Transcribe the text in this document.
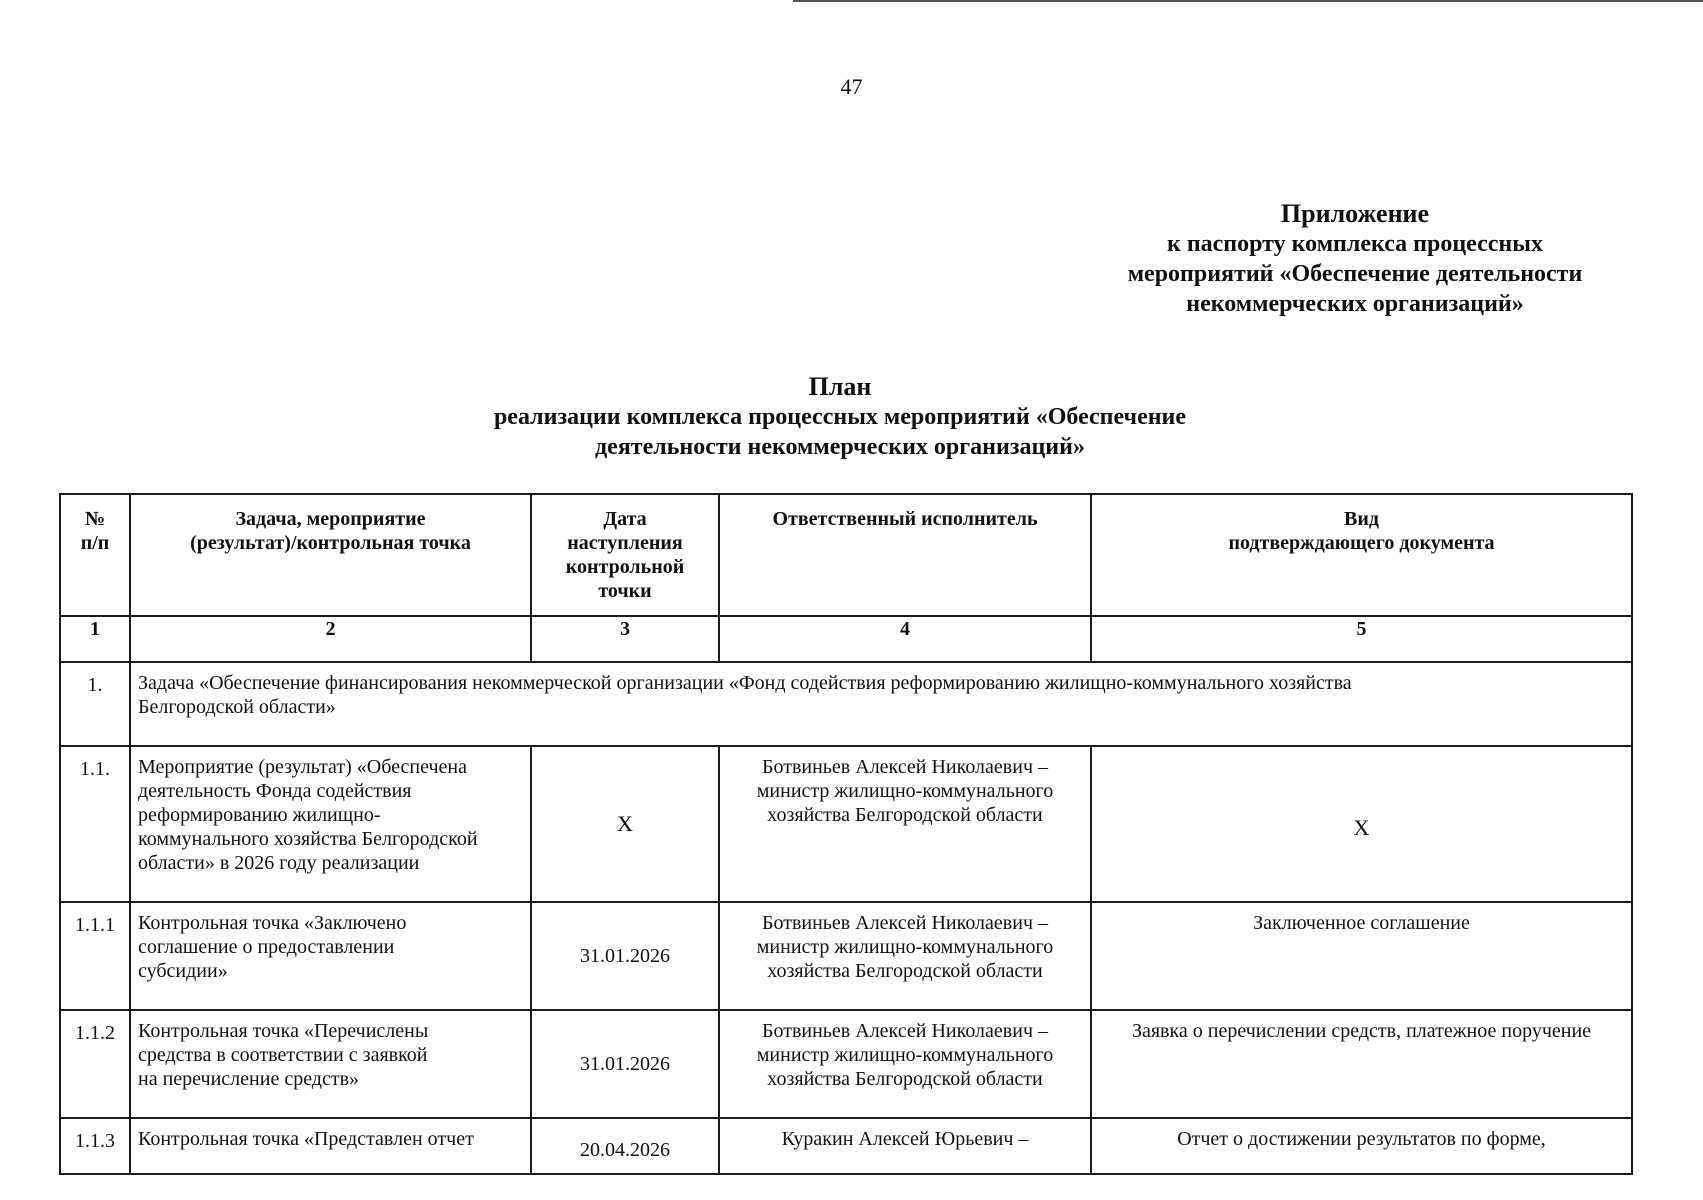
47
Приложение
к паспорту комплекса процессных
мероприятий «Обеспечение деятельности
некоммерческих организаций»
План
реализации комплекса процессных мероприятий «Обеспечение
деятельности некоммерческих организаций»
№
п/п	Задача, мероприятие
(результат)/контрольная точка	Дата
наступления
контрольной
точки	Ответственный исполнитель	Вид
подтверждающего документа

1	2	3	4	5
1.	Задача «Обеспечение финансирования некоммерческой организации «Фонд содействия реформированию жилищно-коммунального хозяйства
Белгородской области»			

1.1.	Мероприятие (результат) «Обеспечена
деятельность Фонда содействия
реформированию жилищно-
коммунального хозяйства Белгородской
области» в 2026 году реализации	Х	Ботвиньев Алексей Николаевич –
министр жилищно-коммунального
хозяйства Белгородской области	Х

1.1.1	Контрольная точка «Заключено
соглашение о предоставлении
субсидии»	31.01.2026	Ботвиньев Алексей Николаевич –
министр жилищно-коммунального
хозяйства Белгородской области	Заключенное соглашение

1.1.2	Контрольная точка «Перечислены
средства в соответствии с заявкой
на перечисление средств»	31.01.2026	Ботвиньев Алексей Николаевич –
министр жилищно-коммунального
хозяйства Белгородской области	Заявка о перечислении средств, платежное поручение

1.1.3	Контрольная точка «Представлен отчет	20.04.2026	Куракин Алексей Юрьевич –	Отчет о достижении результатов по форме,
